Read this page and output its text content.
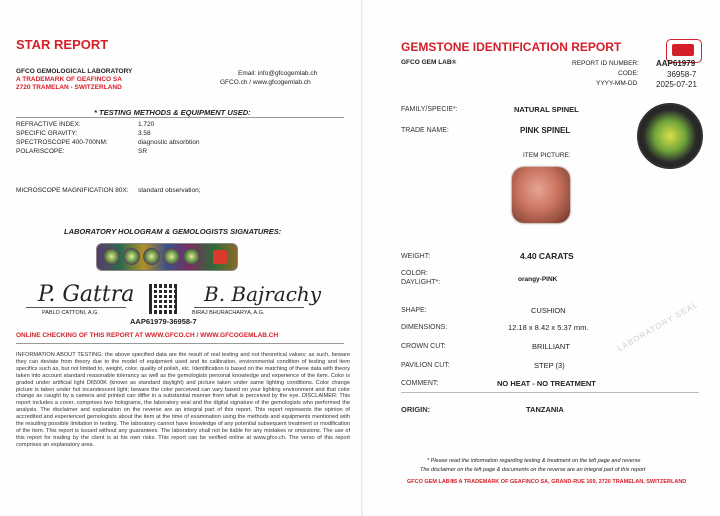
STAR REPORT
GFCO GEMOLOGICAL LABORATORY
A TRADEMARK OF GEAFINCO SA
2720 TRAMELAN - SWITZERLAND
Email: info@gfcogemlab.ch
GFCO.ch / www.gfcogemlab.ch
* TESTING METHODS & EQUIPMENT USED:
REFRACTIVE INDEX:	1.720
SPECIFIC GRAVITY:	3.58
SPECTROSCOPE 400-700NM:	diagnostic absorbtion
POLARISCOPE:	SR
MICROSCOPE MAGNIFICATION 80X: standard observation;
LABORATORY HOLOGRAM & GEMOLOGISTS SIGNATURES:
P. Gattra	B. Bajrachy
PABLO CATTONI, A.G.	BIRAJ BHURACHARYA, A.G.
AAP61979-36958-7
ONLINE CHECKING OF THIS REPORT AT WWW.GFCO.CH / WWW.GFCOGEMLAB.CH
INFORMATION ABOUT TESTING: the above specified data are the result of real testing and not theoretical values; as such, beware they can deviate from theory due to the model of equipment used and its calibration, environmental condition of testing and item specifics such as, but not limited to, weight, color, quality of polish, etc. Identification is based on the matching of these data with theory taken into account standard reasonable tolerancy as well as the gemologists personal knowledge and experience of the item. Color is graded under artificial light D6500K (known as standard daylight) and picture taken under same lighting conditions. Color change picture is taken under hot incandescent light; beware the color perceived can vary based on your lighting environment and that color change as caught by a camera and printed can differ in a substantial manner from what is perceived by the eye. DISCLAIMER: This report includes a cover, comprises two holograms, the laboratory seal and the digital signature of the gemologists who performed the analysis. The disclaimer and explanation on the reverse are an integral part of this report. This report represents the opinion of accredited and experienced gemologists about the item at the time of examination using the methods and equipments mentioned with the resulting possible limitation in testing. The laboratory cannot have knowledge of any potential subsequent treatment or modification of the item. This report is issued without any guarantees. The laboratory shall not be liable for any mistakes or omissions. The use of this report for trading by the client is at his own risks. This report can be verified online at www.gfco.ch. The verso of this report comprises an explanatory area.
GEMSTONE IDENTIFICATION REPORT
GFCO GEM LAB®	REPORT ID NUMBER: AAP61979
CODE:	36958-7
YYYY-MM-DD 2025-07-21
FAMILY/SPECIE*:	NATURAL SPINEL
TRADE NAME:	PINK SPINEL
ITEM PICTURE:
WEIGHT:	4.40 CARATS
COLOR:
DAYLIGHT*:	orangy-PINK
SHAPE:	CUSHION
DIMENSIONS:	12.18 x 8.42 x 5.37 mm.
CROWN CUT:	BRILLIANT
PAVILION CUT:	STEP (3)
COMMENT:	NO HEAT - NO TREATMENT
ORIGIN:	TANZANIA
LABORATORY SEAL
* Please read the information regarding testing & treatment on the left page and reverse
The disclaimer on the left page & documents on the reverse are an integral part of this report
GFCO GEM LAB®
IS A TRADEMARK OF GEAFINCO SA, GRAND-RUE 169, 2720 TRAMELAN, SWITZERLAND
